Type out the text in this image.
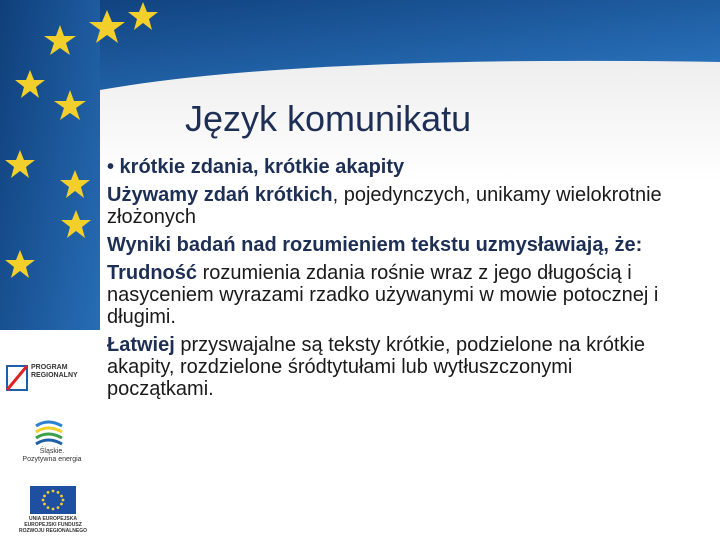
Język komunikatu

• krótkie zdania, krótkie akapity

Używamy zdań krótkich, pojedynczych, unikamy wielokrotnie złożonych

Wyniki badań nad rozumieniem tekstu uzmysławiają, że:

Trudność rozumienia zdania rośnie wraz z jego długością i nasyceniem wyrazami rzadko używanymi w mowie potocznej i długimi.

Łatwiej przyswajalne są teksty krótkie, podzielone na krótkie akapity, rozdzielone śródtytułami lub wytłuszczonymi początkami.

PROGRAM
REGIONALNY
Śląskie.
Pozytywna energia
UNIA EUROPEJSKA
EUROPEJSKI FUNDUSZ
ROZWOJU REGIONALNEGO
